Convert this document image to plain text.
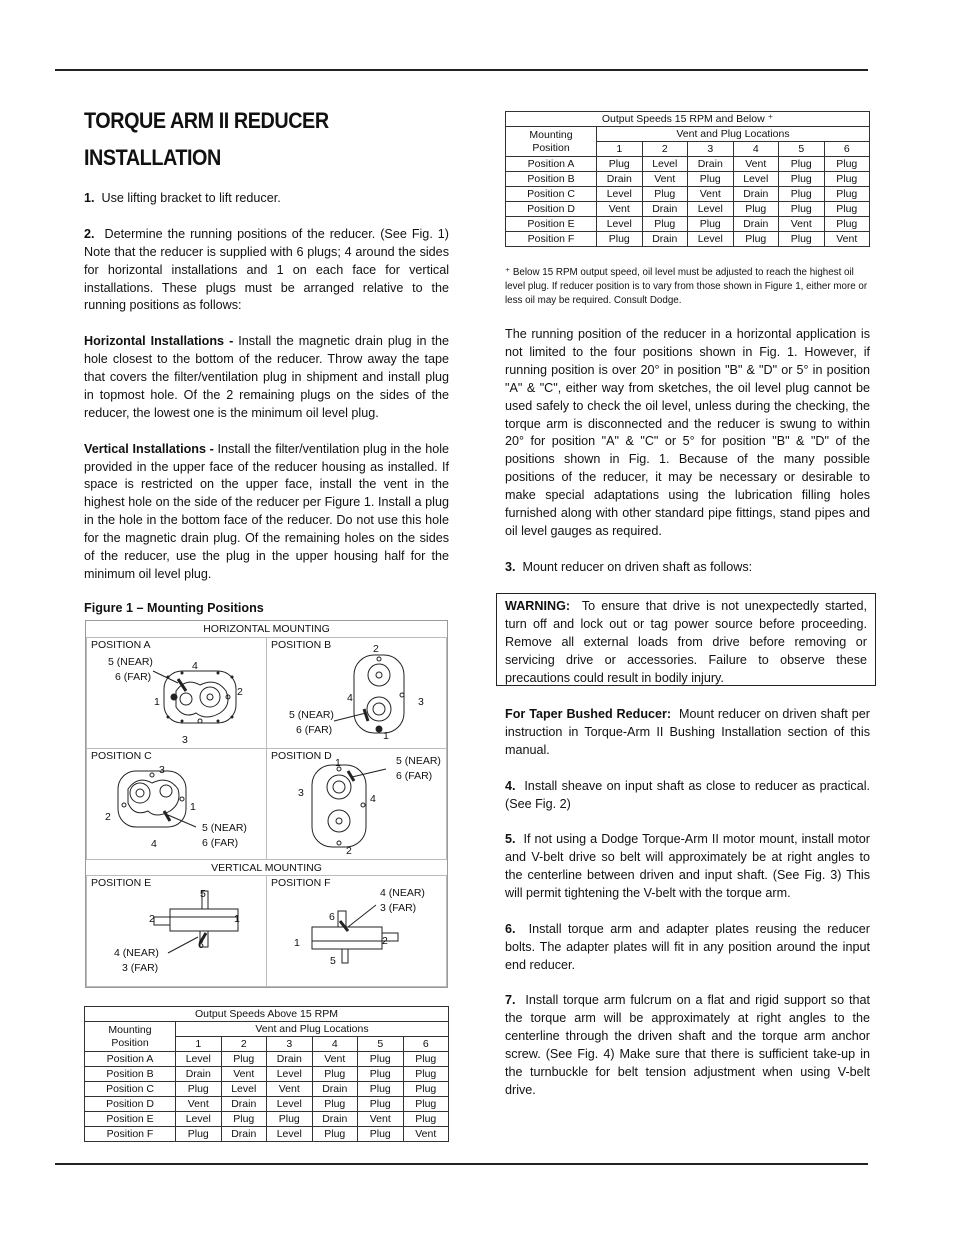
TORQUE ARM II REDUCER
INSTALLATION

1. Use lifting bracket to lift reducer.

2. Determine the running positions of the reducer. (See Fig. 1) Note that the reducer is supplied with 6 plugs; 4 around the sides for horizontal installations and 1 on each face for vertical installations. These plugs must be arranged relative to the running positions as follows:

Horizontal Installations - Install the magnetic drain plug in the hole closest to the bottom of the reducer. Throw away the tape that covers the filter/ventilation plug in shipment and install plug in topmost hole. Of the 2 remaining plugs on the sides of the reducer, the lowest one is the minimum oil level plug.

Vertical Installations - Install the filter/ventilation plug in the hole provided in the upper face of the reducer housing as installed. If space is restricted on the upper face, install the vent in the highest hole on the side of the reducer per Figure 1. Install a plug in the hole in the bottom face of the reducer. Do not use this hole for the magnetic drain plug. Of the remaining holes on the sides of the reducer, use the plug in the upper housing half for the minimum oil level plug.

Figure 1 – Mounting Positions
HORIZONTAL MOUNTING
VERTICAL MOUNTING
POSITION A	POSITION B
POSITION C	POSITION D
POSITION E	POSITION F
5 (NEAR)
6 (FAR)
4
2
1
3
2
4	3
5 (NEAR)
6 (FAR)	1
3
1
2
4
5 (NEAR)
6 (FAR)
1	5 (NEAR)
6 (FAR)
3	4
2
5
2	1
6
4 (NEAR)
3 (FAR)
4 (NEAR)
3 (FAR)
6
1	2
5
Output Speeds Above 15 RPM						
Mounting
Position	Vent and Plug Locations					
	1	2	3	4	5	6
Position A	Level	Plug	Drain	Vent	Plug	Plug
Position B	Drain	Vent	Level	Plug	Plug	Plug
Position C	Plug	Level	Vent	Drain	Plug	Plug
Position D	Vent	Drain	Level	Plug	Plug	Plug
Position E	Level	Plug	Plug	Drain	Vent	Plug
Position F	Plug	Drain	Level	Plug	Plug	Vent
Output Speeds 15 RPM and Below ⁺						
Mounting
Position	Vent and Plug Locations					
	1	2	3	4	5	6
Position A	Plug	Level	Drain	Vent	Plug	Plug
Position B	Drain	Vent	Plug	Level	Plug	Plug
Position C	Level	Plug	Vent	Drain	Plug	Plug
Position D	Vent	Drain	Level	Plug	Plug	Plug
Position E	Level	Plug	Plug	Drain	Vent	Plug
Position F	Plug	Drain	Level	Plug	Plug	Vent
⁺ Below 15 RPM output speed, oil level must be adjusted to reach the highest oil level plug. If reducer position is to vary from those shown in Figure 1, either more or less oil may be required. Consult Dodge.

The running position of the reducer in a horizontal application is not limited to the four positions shown in Fig. 1. However, if running position is over 20° in position "B" & "D" or 5° in position "A" & "C", either way from sketches, the oil level plug cannot be used safely to check the oil level, unless during the checking, the torque arm is disconnected and the reducer is swung to within 20° for position "A" & "C" or 5° for position "B" & "D" of the positions shown in Fig. 1. Because of the many possible positions of the reducer, it may be necessary or desirable to make special adaptations using the lubrication filling holes furnished along with other standard pipe fittings, stand pipes and oil level gauges as required.

3. Mount reducer on driven shaft as follows:

WARNING: To ensure that drive is not unexpectedly started, turn off and lock out or tag power source before proceeding. Remove all external loads from drive before removing or servicing drive or accessories. Failure to observe these precautions could result in bodily injury.

For Taper Bushed Reducer: Mount reducer on driven shaft per instruction in Torque-Arm II Bushing Installation section of this manual.

4. Install sheave on input shaft as close to reducer as practical. (See Fig. 2)

5. If not using a Dodge Torque-Arm II motor mount, install motor and V-belt drive so belt will approximately be at right angles to the centerline between driven and input shaft. (See Fig. 3) This will permit tightening the V-belt with the torque arm.

6. Install torque arm and adapter plates reusing the reducer bolts. The adapter plates will fit in any position around the input end reducer.

7. Install torque arm fulcrum on a flat and rigid support so that the torque arm will be approximately at right angles to the centerline through the driven shaft and the torque arm anchor screw. (See Fig. 4) Make sure that there is sufficient take-up in the turnbuckle for belt tension adjustment when using V-belt drive.
